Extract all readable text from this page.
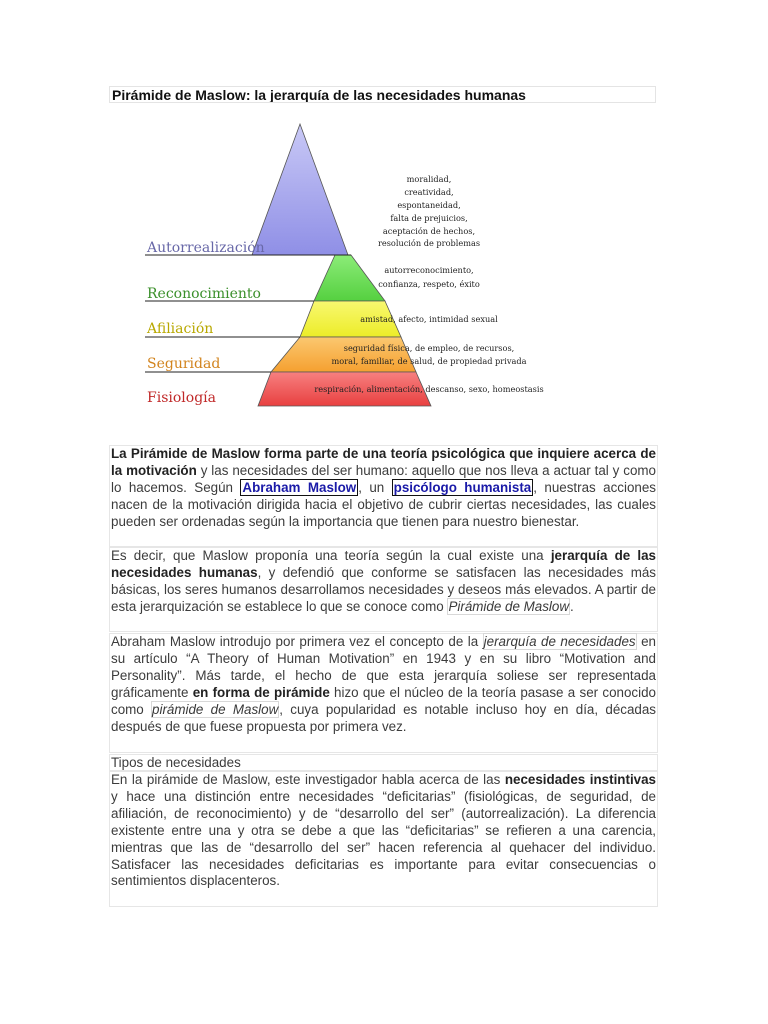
Pirámide de Maslow: la jerarquía de las necesidades humanas
Autorrealización
Reconocimiento
Afiliación
Seguridad
Fisiología
moralidad,
creatividad,
espontaneidad,
falta de prejuicios,
aceptación de hechos,
resolución de problemas
autorreconocimiento,
confianza, respeto, éxito
amistad, afecto, intimidad sexual
seguridad física, de empleo, de recursos,
moral, familiar, de salud, de propiedad privada
respiración, alimentación, descanso, sexo, homeostasis
La Pirámide de Maslow forma parte de una teoría psicológica que inquiere acerca de la motivación y las necesidades del ser humano: aquello que nos lleva a actuar tal y como lo hacemos. Según Abraham Maslow , un psicólogo humanista , nuestras acciones nacen de la motivación dirigida hacia el objetivo de cubrir ciertas necesidades, las cuales pueden ser ordenadas según la importancia que tienen para nuestro bienestar.
Es decir, que Maslow proponía una teoría según la cual existe una jerarquía de las necesidades humanas, y defendió que conforme se satisfacen las necesidades más básicas, los seres humanos desarrollamos necesidades y deseos más elevados. A partir de esta jerarquización se establece lo que se conoce como Pirámide de Maslow.
Abraham Maslow introdujo por primera vez el concepto de la jerarquía de necesidades en su artículo “A Theory of Human Motivation” en 1943 y en su libro “Motivation and Personality”. Más tarde, el hecho de que esta jerarquía soliese ser representada gráficamente en forma de pirámide hizo que el núcleo de la teoría pasase a ser conocido como pirámide de Maslow, cuya popularidad es notable incluso hoy en día, décadas después de que fuese propuesta por primera vez.
Tipos de necesidades
En la pirámide de Maslow, este investigador habla acerca de las necesidades instintivas y hace una distinción entre necesidades “deficitarias” (fisiológicas, de seguridad, de afiliación, de reconocimiento) y de “desarrollo del ser” (autorrealización). La diferencia existente entre una y otra se debe a que las “deficitarias” se refieren a una carencia, mientras que las de “desarrollo del ser” hacen referencia al quehacer del individuo. Satisfacer las necesidades deficitarias es importante para evitar consecuencias o sentimientos displacenteros.
